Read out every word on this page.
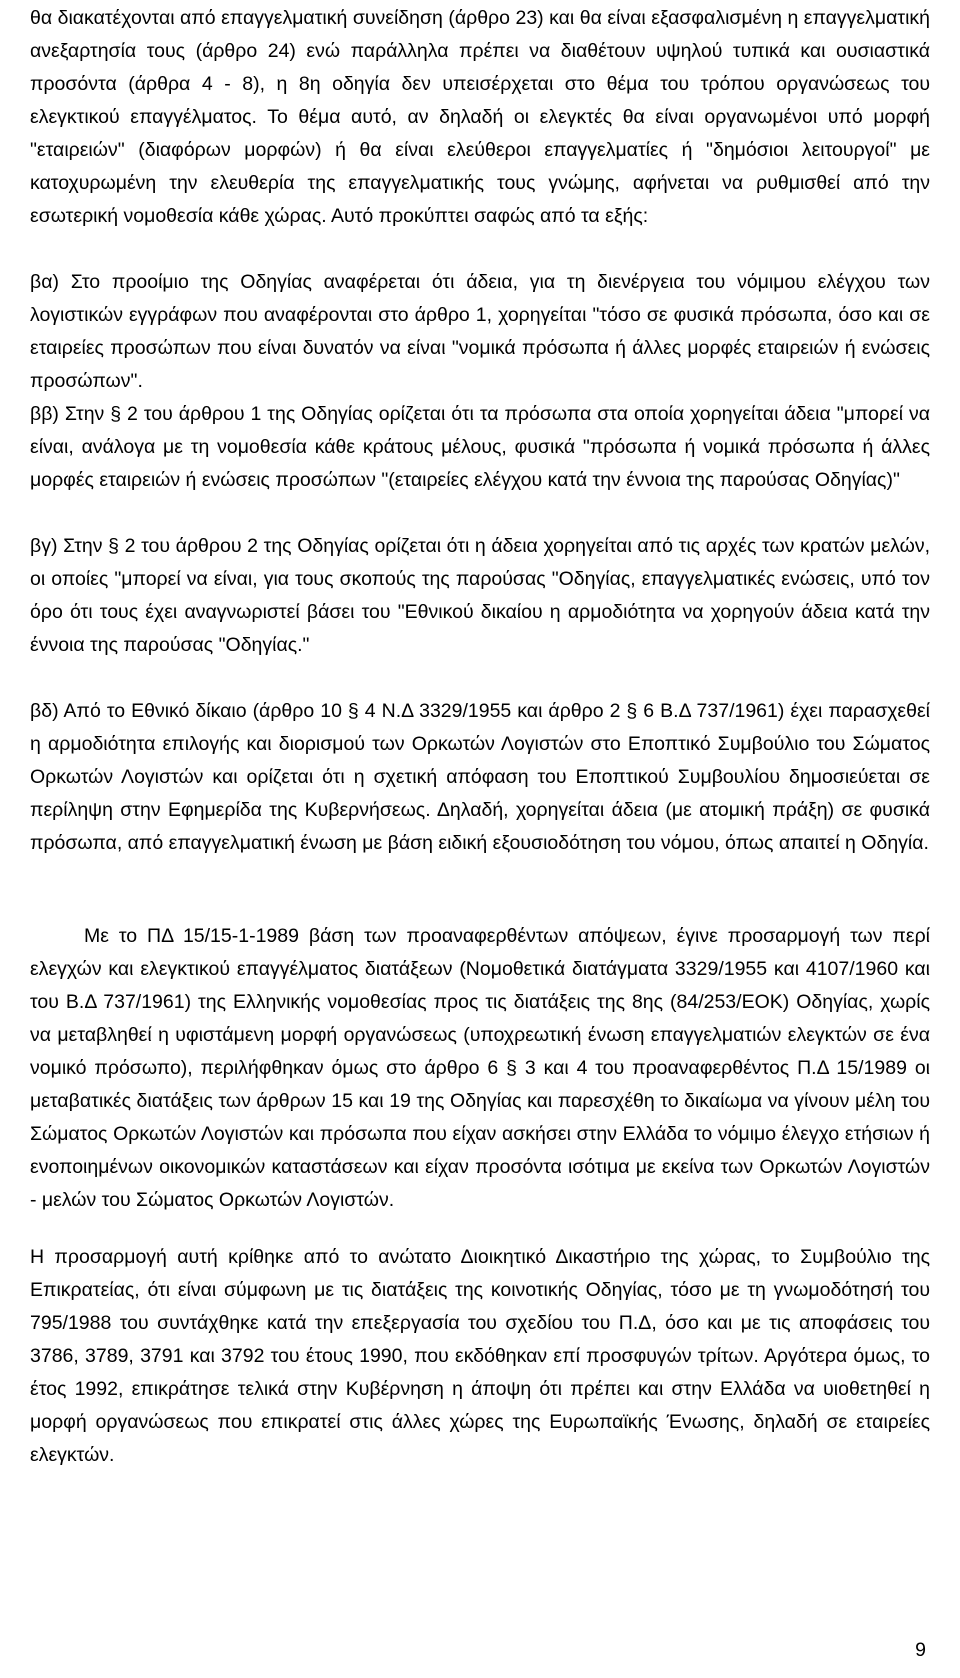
θα διακατέχονται από επαγγελματική συνείδηση (άρθρο 23) και θα είναι εξασφαλισμένη η επαγγελματική ανεξαρτησία τους (άρθρο 24) ενώ παράλληλα πρέπει να διαθέτουν υψηλού τυπικά και ουσιαστικά προσόντα (άρθρα 4 - 8), η 8η οδηγία δεν υπεισέρχεται στο θέμα του τρόπου οργανώσεως του ελεγκτικού επαγγέλματος. Το θέμα αυτό, αν δηλαδή οι ελεγκτές θα είναι οργανωμένοι υπό μορφή "εταιρειών" (διαφόρων μορφών) ή θα είναι ελεύθεροι επαγγελματίες ή "δημόσιοι λειτουργοί" με κατοχυρωμένη την ελευθερία της επαγγελματικής τους γνώμης, αφήνεται να ρυθμισθεί από την εσωτερική νομοθεσία κάθε χώρας. Αυτό προκύπτει σαφώς από τα εξής:

βα) Στο προοίμιο της Οδηγίας αναφέρεται ότι άδεια, για τη διενέργεια του νόμιμου ελέγχου των λογιστικών εγγράφων που αναφέρονται στο άρθρο 1, χορηγείται "τόσο σε φυσικά πρόσωπα, όσο και σε εταιρείες προσώπων που είναι δυνατόν να είναι "νομικά πρόσωπα ή άλλες μορφές εταιρειών ή ενώσεις προσώπων".

ββ) Στην § 2 του άρθρου 1 της Οδηγίας ορίζεται ότι τα πρόσωπα στα οποία χορηγείται άδεια "μπορεί να είναι, ανάλογα με τη νομοθεσία κάθε κράτους μέλους, φυσικά "πρόσωπα ή νομικά πρόσωπα ή άλλες μορφές εταιρειών ή ενώσεις προσώπων "(εταιρείες ελέγχου κατά την έννοια της παρούσας Οδηγίας)"

βγ) Στην § 2 του άρθρου 2 της Οδηγίας ορίζεται ότι η άδεια χορηγείται από τις αρχές των κρατών μελών, οι οποίες "μπορεί να είναι, για τους σκοπούς της παρούσας "Οδηγίας, επαγγελματικές ενώσεις, υπό τον όρο ότι τους έχει αναγνωριστεί βάσει του "Εθνικού δικαίου η αρμοδιότητα να χορηγούν άδεια κατά την έννοια της παρούσας "Οδηγίας."

βδ) Από το Εθνικό δίκαιο (άρθρο 10 § 4 Ν.Δ 3329/1955 και άρθρο 2 § 6 Β.Δ 737/1961) έχει παρασχεθεί η αρμοδιότητα επιλογής και διορισμού των Ορκωτών Λογιστών στο Εποπτικό Συμβούλιο του Σώματος Ορκωτών Λογιστών και ορίζεται ότι η σχετική απόφαση του Εποπτικού Συμβουλίου δημοσιεύεται σε περίληψη στην Εφημερίδα της Κυβερνήσεως. Δηλαδή, χορηγείται άδεια (με ατομική πράξη) σε φυσικά πρόσωπα, από επαγγελματική ένωση με βάση ειδική εξουσιοδότηση του νόμου, όπως απαιτεί η Οδηγία.

Με το ΠΔ 15/15-1-1989 βάση των προαναφερθέντων απόψεων, έγινε προσαρμογή των περί ελεγχών και ελεγκτικού επαγγέλματος διατάξεων (Νομοθετικά διατάγματα 3329/1955 και 4107/1960 και του Β.Δ 737/1961) της Ελληνικής νομοθεσίας προς τις διατάξεις της 8ης (84/253/ΕΟΚ) Οδηγίας, χωρίς να μεταβληθεί η υφιστάμενη μορφή οργανώσεως (υποχρεωτική ένωση επαγγελματιών ελεγκτών σε ένα νομικό πρόσωπο), περιλήφθηκαν όμως στο άρθρο 6 § 3 και 4 του προαναφερθέντος Π.Δ 15/1989 οι μεταβατικές διατάξεις των άρθρων 15 και 19 της Οδηγίας και παρεσχέθη το δικαίωμα να γίνουν μέλη του Σώματος Ορκωτών Λογιστών και πρόσωπα που είχαν ασκήσει στην Ελλάδα το νόμιμο έλεγχο ετήσιων ή ενοποιημένων οικονομικών καταστάσεων και είχαν προσόντα ισότιμα με εκείνα των Ορκωτών Λογιστών - μελών του Σώματος Ορκωτών Λογιστών.

Η προσαρμογή αυτή κρίθηκε από το ανώτατο Διοικητικό Δικαστήριο της χώρας, το Συμβούλιο της Επικρατείας, ότι είναι σύμφωνη με τις διατάξεις της κοινοτικής Οδηγίας, τόσο με τη γνωμοδότησή του 795/1988 του συντάχθηκε κατά την επεξεργασία του σχεδίου του Π.Δ, όσο και με τις αποφάσεις του 3786, 3789, 3791 και 3792 του έτους 1990, που εκδόθηκαν επί προσφυγών τρίτων. Αργότερα όμως, το έτος 1992, επικράτησε τελικά στην Κυβέρνηση η άποψη ότι πρέπει και στην Ελλάδα να υιοθετηθεί η μορφή οργανώσεως που επικρατεί στις άλλες χώρες της Ευρωπαϊκής Ένωσης, δηλαδή σε εταιρείες ελεγκτών.

9
